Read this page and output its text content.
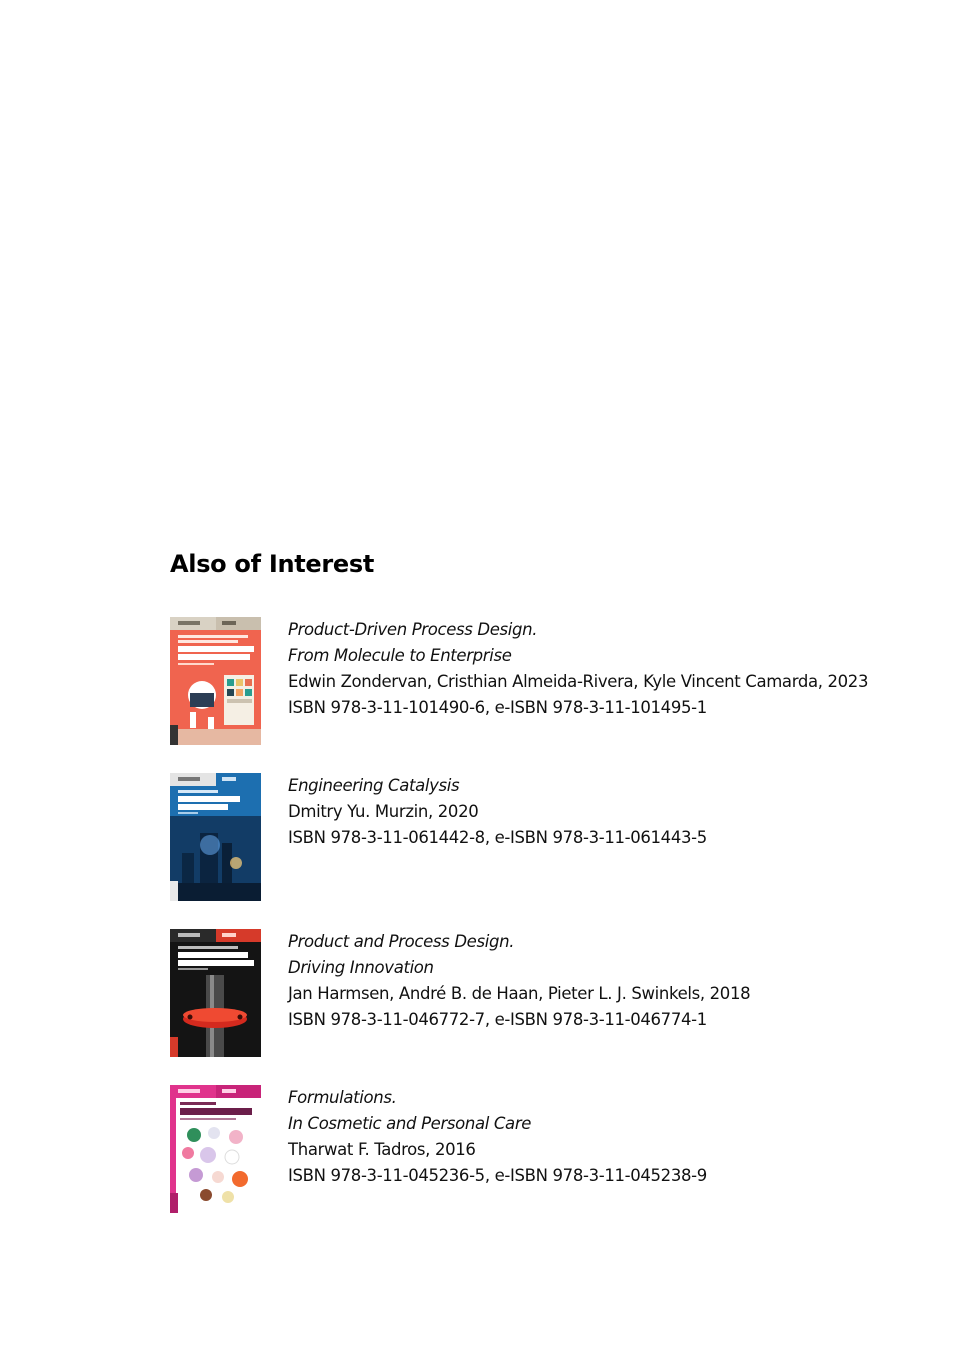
Also of Interest
Product-Driven Process Design.
From Molecule to Enterprise
Edwin Zondervan, Cristhian Almeida-Rivera, Kyle Vincent Camarda, 2023
ISBN 978-3-11-101490-6, e-ISBN 978-3-11-101495-1
Engineering Catalysis
Dmitry Yu. Murzin, 2020
ISBN 978-3-11-061442-8, e-ISBN 978-3-11-061443-5
Product and Process Design.
Driving Innovation
Jan Harmsen, André B. de Haan, Pieter L. J. Swinkels, 2018
ISBN 978-3-11-046772-7, e-ISBN 978-3-11-046774-1
Formulations.
In Cosmetic and Personal Care
Tharwat F. Tadros, 2016
ISBN 978-3-11-045236-5, e-ISBN 978-3-11-045238-9
